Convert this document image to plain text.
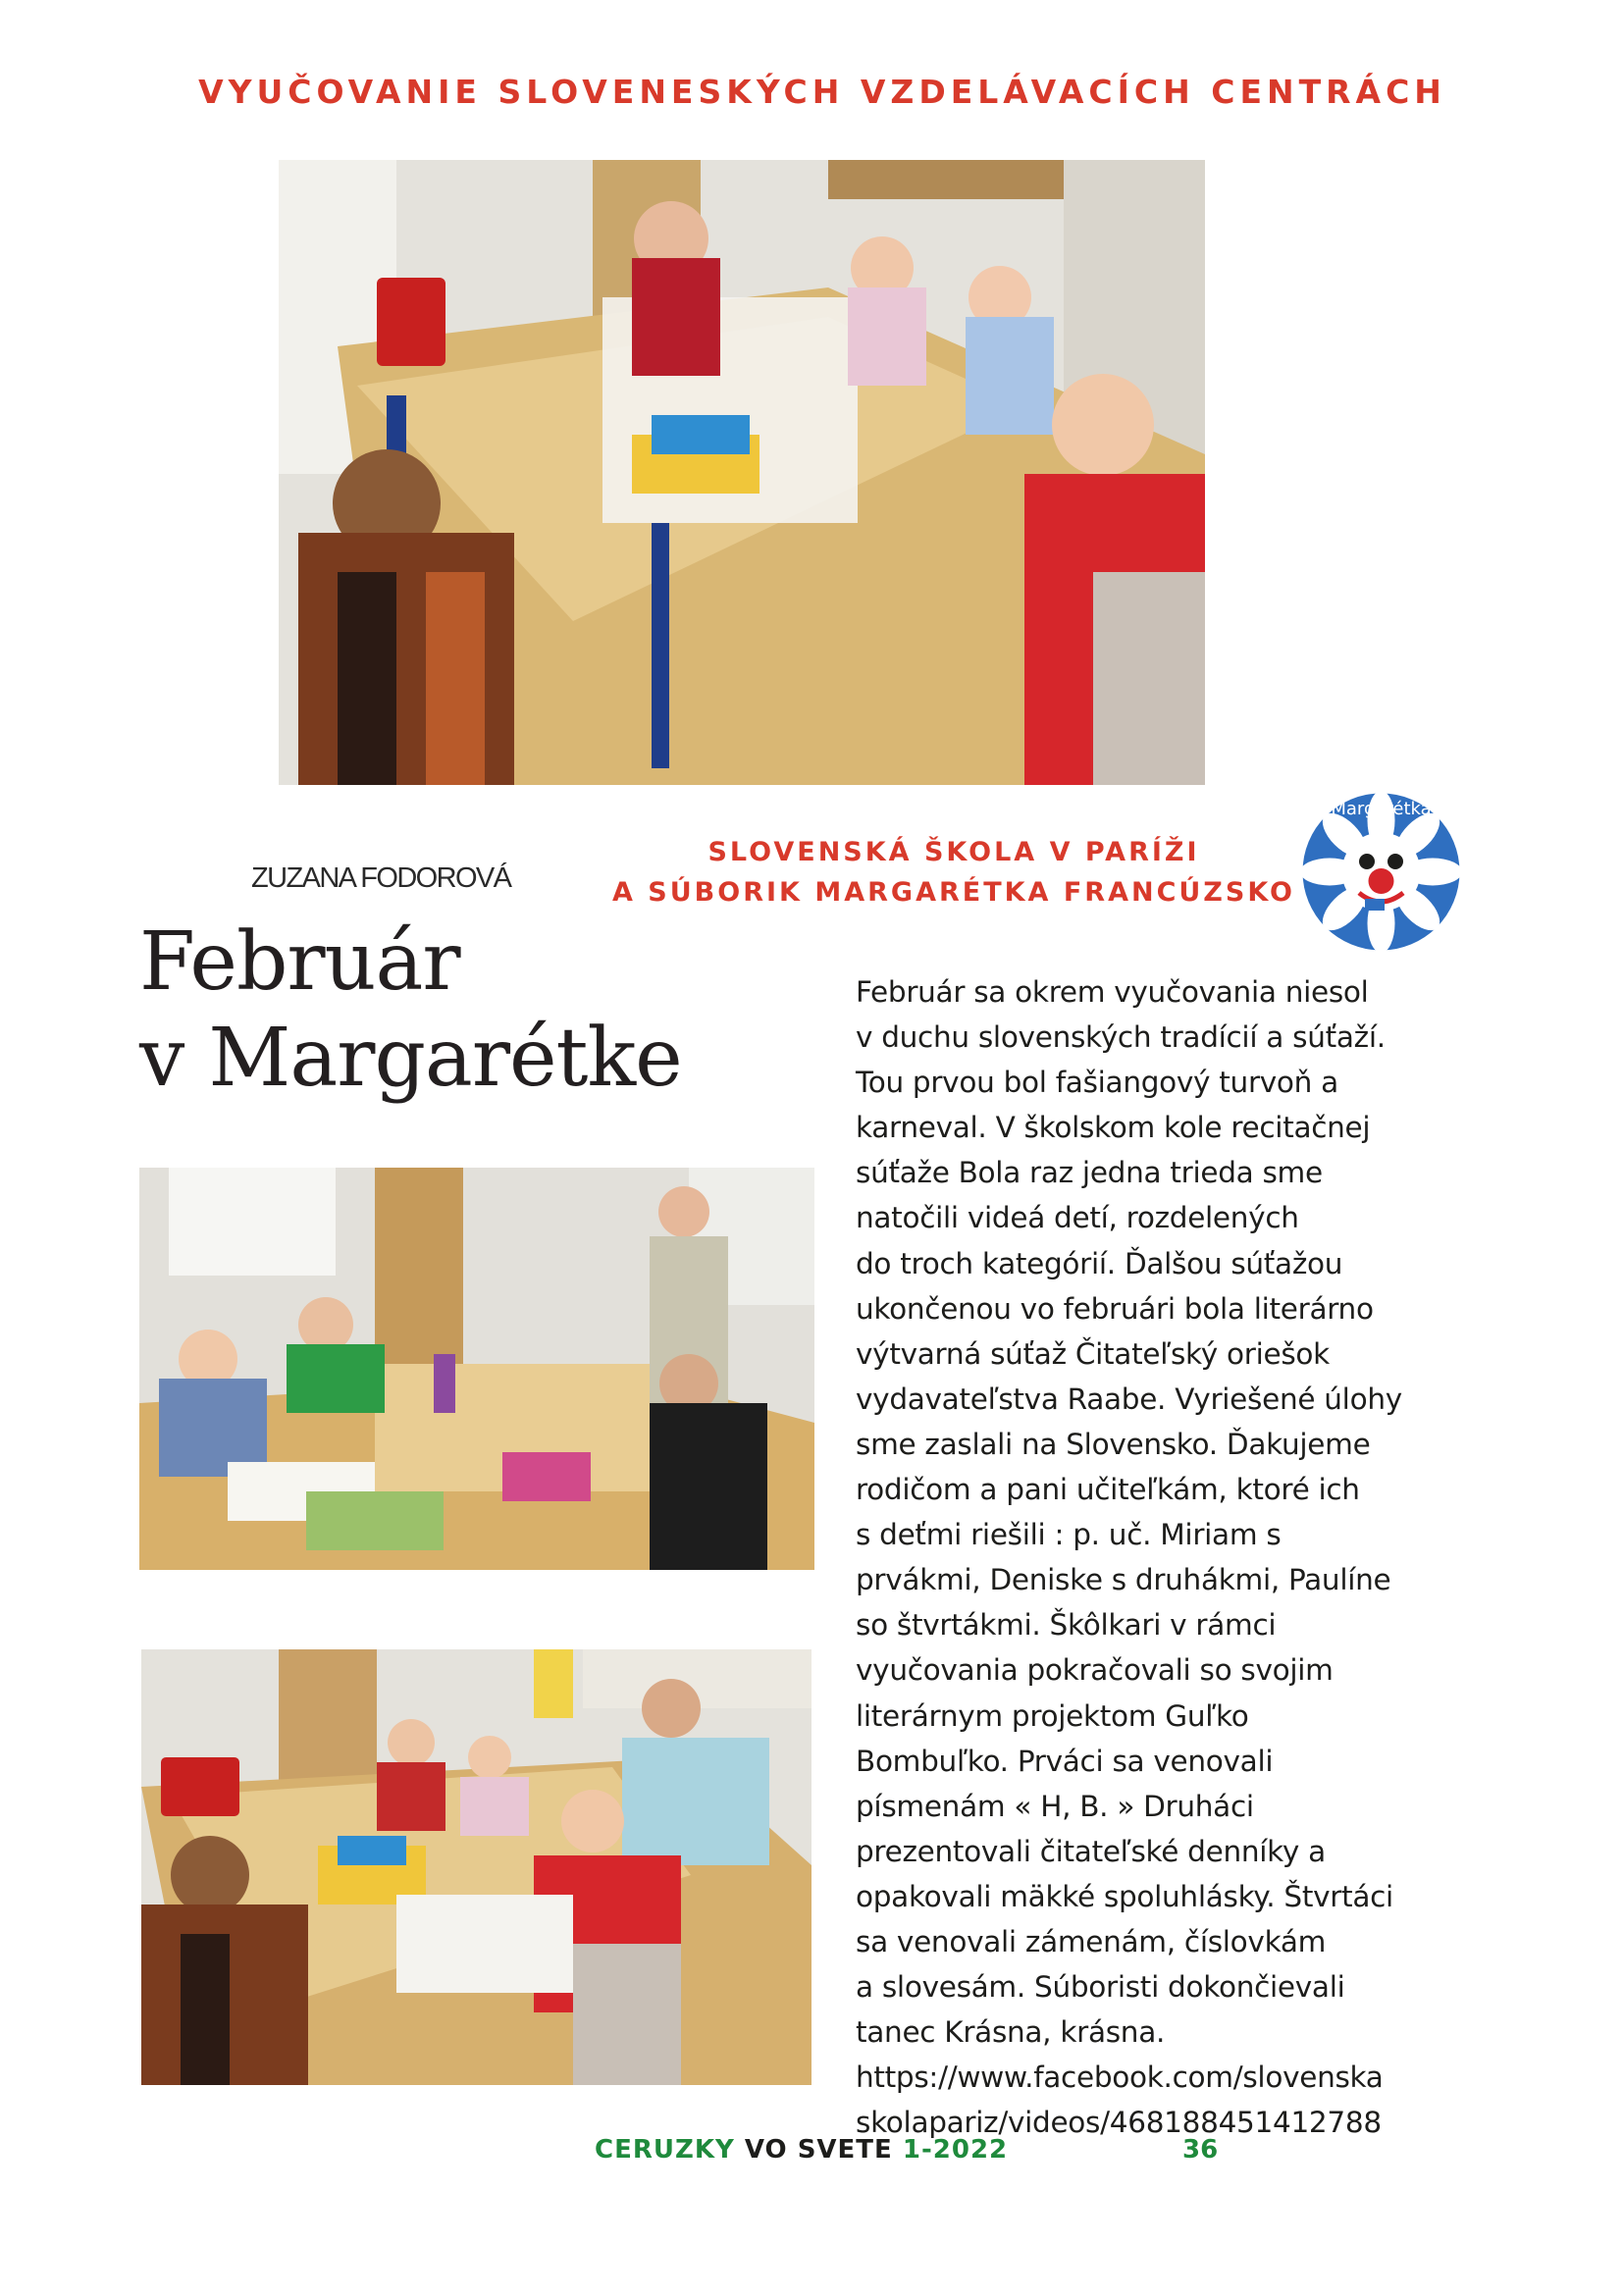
VYUČOVANIE SLOVENESKÝCH VZDELÁVACÍCH CENTRÁCH
ZUZANA FODOROVÁ
SLOVENSKÁ ŠKOLA V PARÍŽI
A SÚBORIK MARGARÉTKA FRANCÚZSKO
Margarétka
Február
v Margarétke
Február sa okrem vyučovania niesol
v duchu slovenských tradícií a súťaží.
Tou prvou bol fašiangový turvoň a
karneval. V školskom kole recitačnej
súťaže Bola raz jedna trieda sme
natočili videá detí, rozdelených
do troch kategórií. Ďalšou súťažou
ukončenou vo februári bola literárno
výtvarná súťaž Čitateľský oriešok
vydavateľstva Raabe. Vyriešené úlohy
sme zaslali na Slovensko. Ďakujeme
rodičom a pani učiteľkám, ktoré ich
s deťmi riešili : p. uč. Miriam s
prvákmi, Deniske s druhákmi, Paulíne
so štvrtákmi. Škôlkari v rámci
vyučovania pokračovali so svojim
literárnym projektom Guľko
Bombuľko. Prváci sa venovali
písmenám « H, B. » Druháci
prezentovali čitateľské denníky a
opakovali mäkké spoluhlásky. Štvrtáci
sa venovali zámenám, číslovkám
a slovesám. Súboristi dokončievali
tanec Krásna, krásna.
https://www.facebook.com/slovenska
skolapariz/videos/468188451412788
CERUZKY VO SVETE 1-2022	36
